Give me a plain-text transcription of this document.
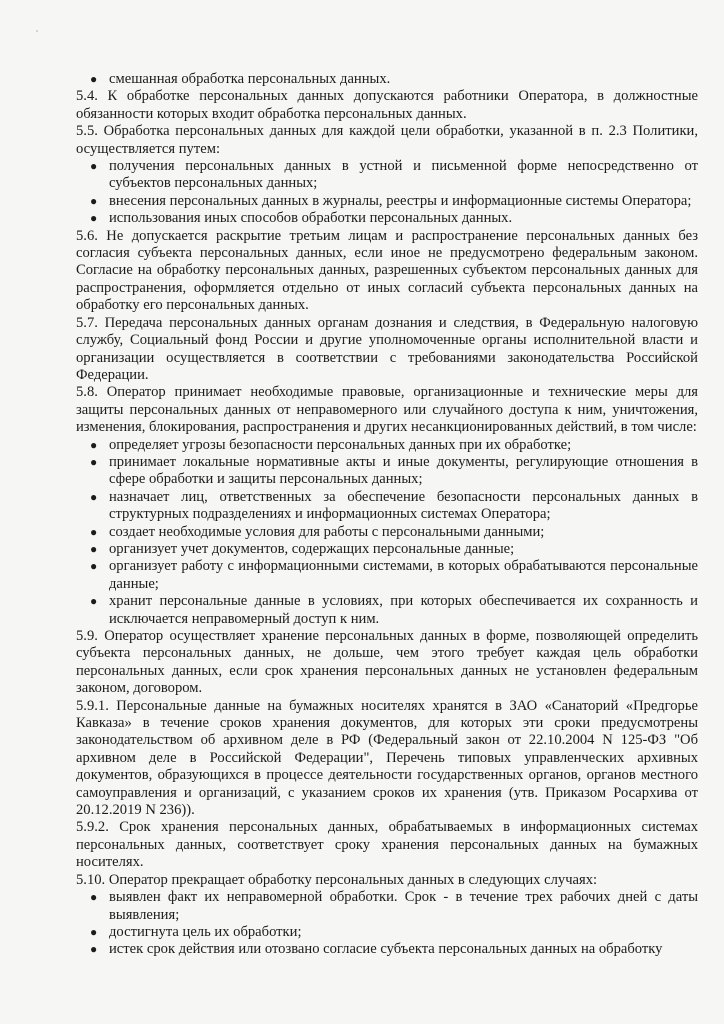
● смешанная обработка персональных данных.

5.4. К обработке персональных данных допускаются работники Оператора, в должностные обязанности которых входит обработка персональных данных.

5.5. Обработка персональных данных для каждой цели обработки, указанной в п. 2.3 Политики, осуществляется путем:

● получения персональных данных в устной и письменной форме непосредственно от субъектов персональных данных;
● внесения персональных данных в журналы, реестры и информационные системы Оператора;
● использования иных способов обработки персональных данных.

5.6. Не допускается раскрытие третьим лицам и распространение персональных данных без согласия субъекта персональных данных, если иное не предусмотрено федеральным законом. Согласие на обработку персональных данных, разрешенных субъектом персональных данных для распространения, оформляется отдельно от иных согласий субъекта персональных данных на обработку его персональных данных.

5.7. Передача персональных данных органам дознания и следствия, в Федеральную налоговую службу, Социальный фонд России и другие уполномоченные органы исполнительной власти и организации осуществляется в соответствии с требованиями законодательства Российской Федерации.

5.8. Оператор принимает необходимые правовые, организационные и технические меры для защиты персональных данных от неправомерного или случайного доступа к ним, уничтожения, изменения, блокирования, распространения и других несанкционированных действий, в том числе:

● определяет угрозы безопасности персональных данных при их обработке;
● принимает локальные нормативные акты и иные документы, регулирующие отношения в сфере обработки и защиты персональных данных;
● назначает лиц, ответственных за обеспечение безопасности персональных данных в структурных подразделениях и информационных системах Оператора;
● создает необходимые условия для работы с персональными данными;
● организует учет документов, содержащих персональные данные;
● организует работу с информационными системами, в которых обрабатываются персональные данные;
● хранит персональные данные в условиях, при которых обеспечивается их сохранность и исключается неправомерный доступ к ним.

5.9. Оператор осуществляет хранение персональных данных в форме, позволяющей определить субъекта персональных данных, не дольше, чем этого требует каждая цель обработки персональных данных, если срок хранения персональных данных не установлен федеральным законом, договором.

5.9.1. Персональные данные на бумажных носителях хранятся в ЗАО «Санаторий «Предгорье Кавказа» в течение сроков хранения документов, для которых эти сроки предусмотрены законодательством об архивном деле в РФ (Федеральный закон от 22.10.2004 N 125-ФЗ "Об архивном деле в Российской Федерации", Перечень типовых управленческих архивных документов, образующихся в процессе деятельности государственных органов, органов местного самоуправления и организаций, с указанием сроков их хранения (утв. Приказом Росархива от 20.12.2019 N 236)).

5.9.2. Срок хранения персональных данных, обрабатываемых в информационных системах персональных данных, соответствует сроку хранения персональных данных на бумажных носителях.

5.10. Оператор прекращает обработку персональных данных в следующих случаях:

● выявлен факт их неправомерной обработки. Срок - в течение трех рабочих дней с даты выявления;
● достигнута цель их обработки;
● истек срок действия или отозвано согласие субъекта персональных данных на обработку
